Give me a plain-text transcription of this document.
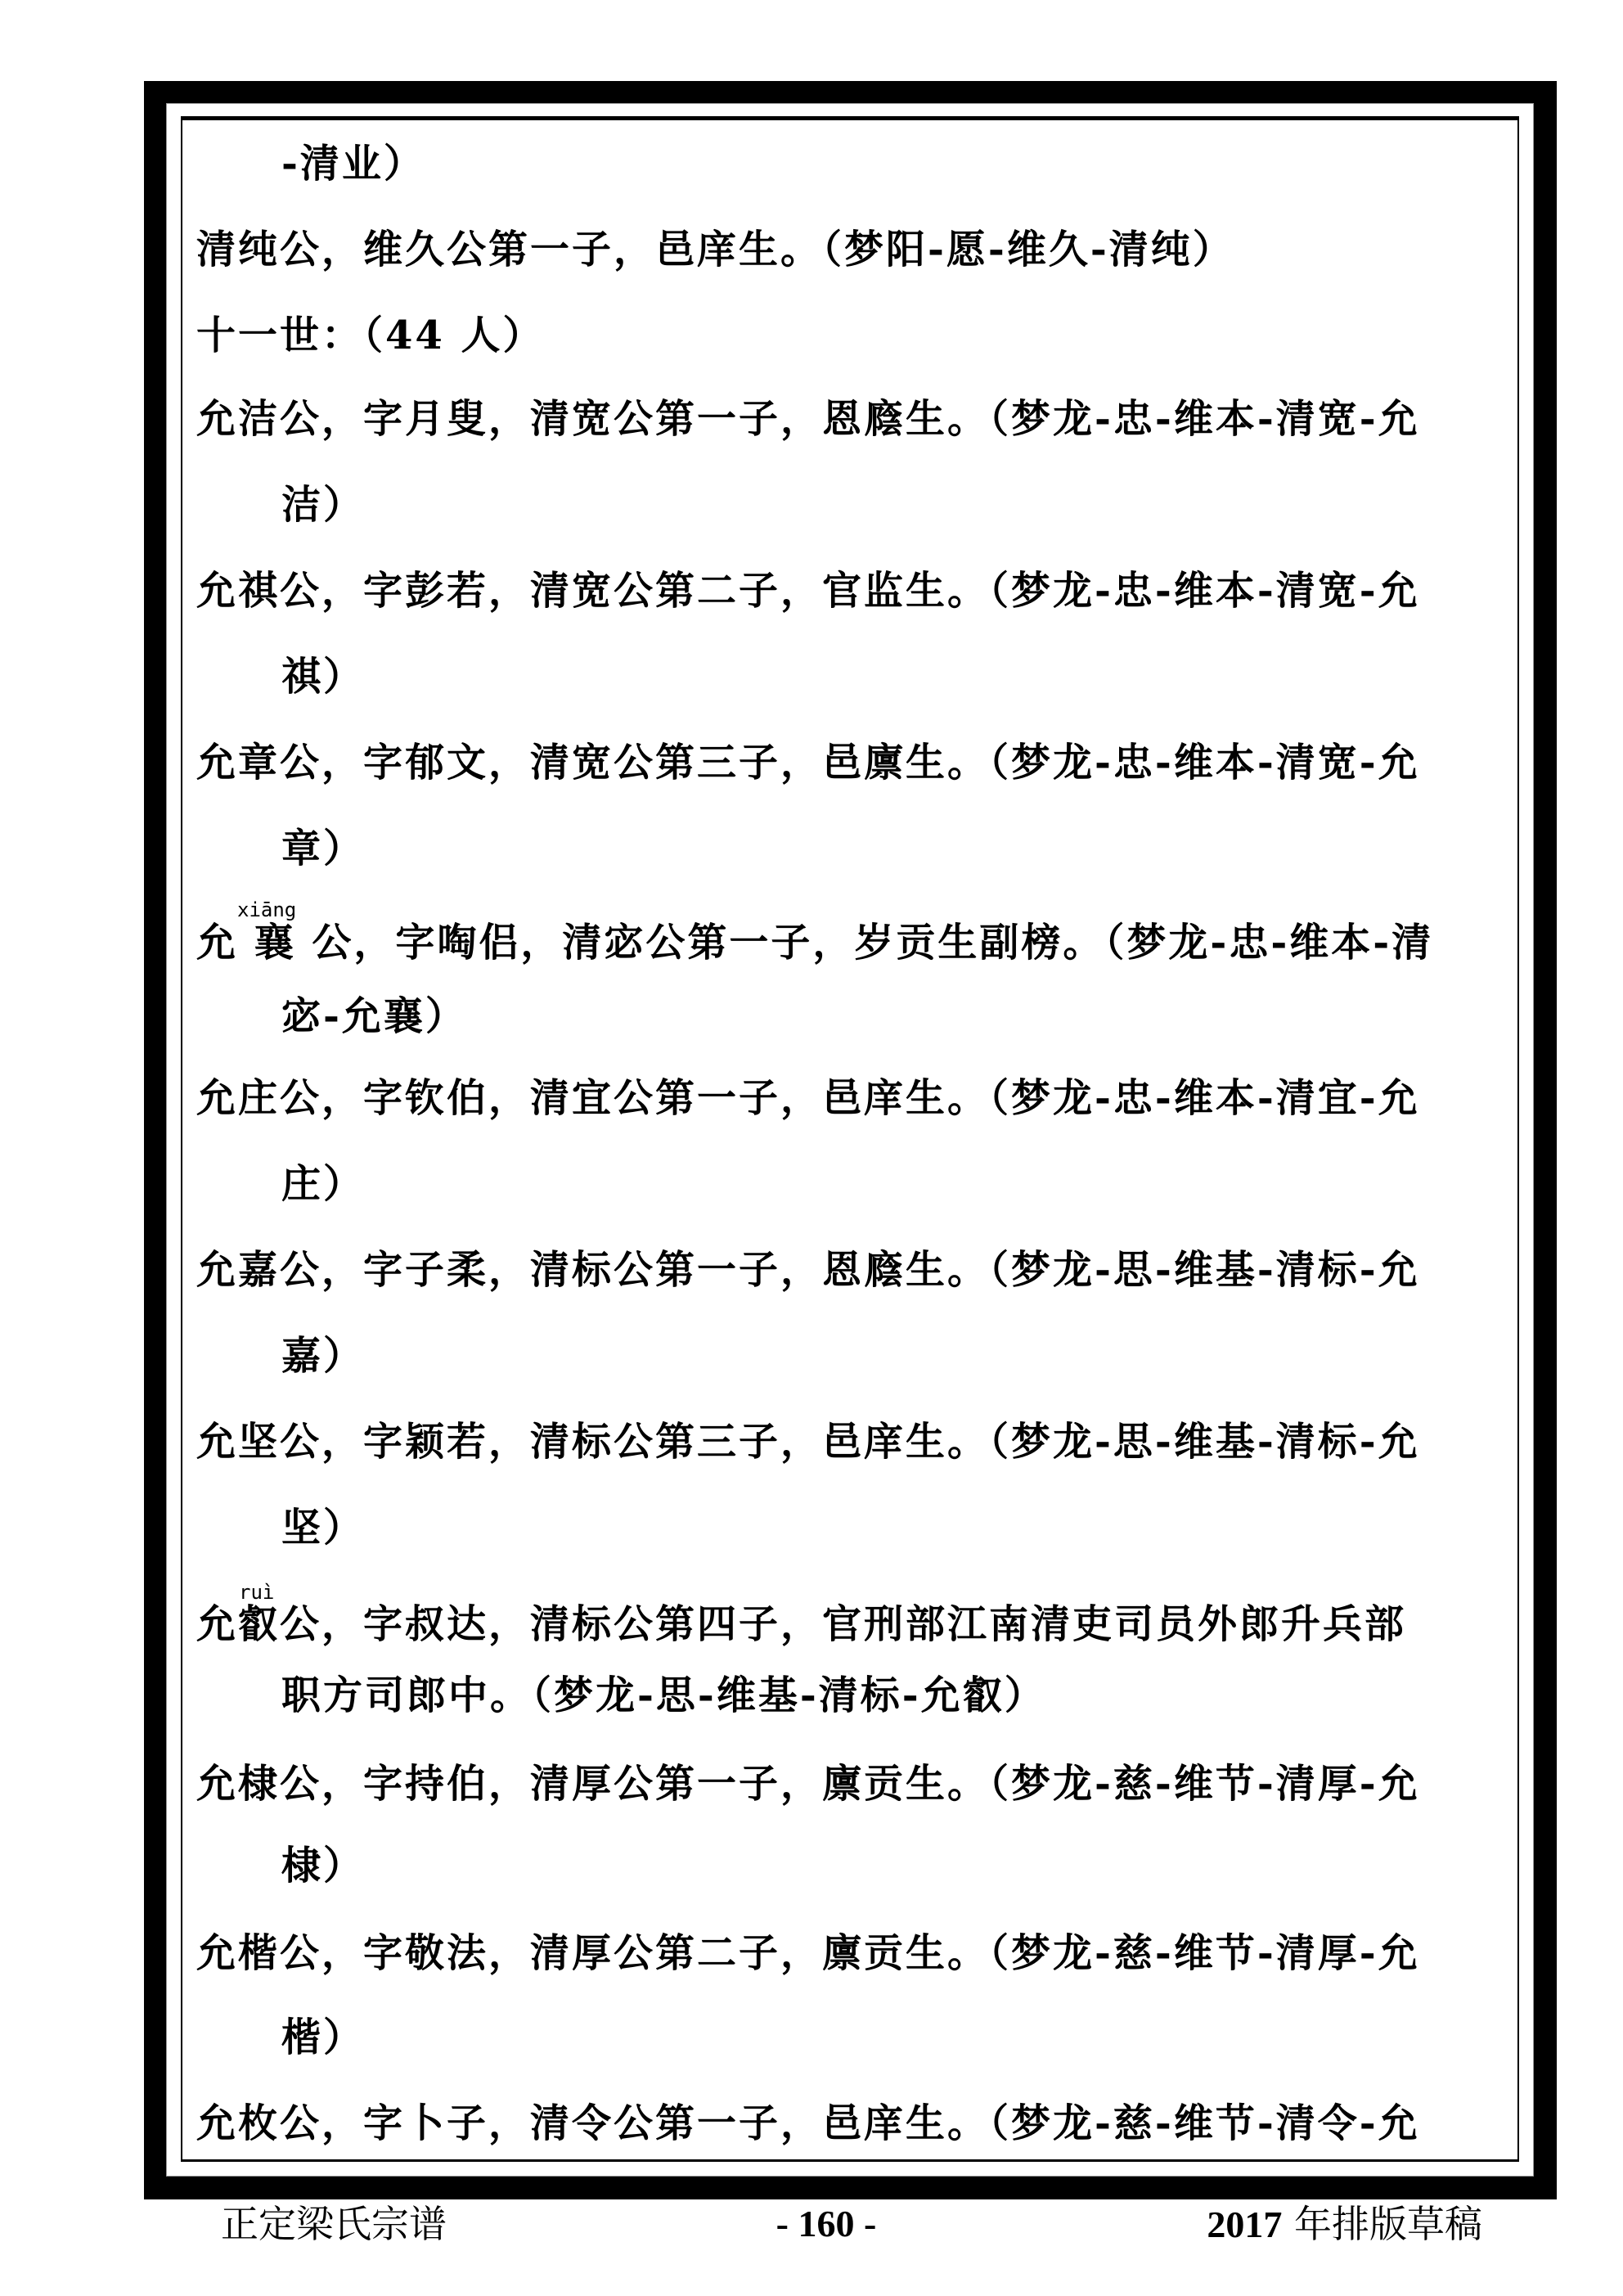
-清业）
清纯公，维久公第一子，邑庠生。（梦阳-愿-维久-清纯）
十一世：（44 人）
允洁公，字月叟，清宽公第一子，恩廕生。（梦龙-忠-维本-清宽-允
洁）
允祺公，字彭若，清宽公第二子，官监生。（梦龙-忠-维本-清宽-允
祺）
允章公，字郁文，清宽公第三子，邑廪生。（梦龙-忠-维本-清宽-允
章）
允 襄 公，字啕侣，清宓公第一子，岁贡生副榜。（梦龙-忠-维本-清
xiāng
宓-允襄）
允庄公，字钦伯，清宜公第一子，邑庠生。（梦龙-忠-维本-清宜-允
庄）
允嘉公，字子柔，清标公第一子，恩廕生。（梦龙-思-维基-清标-允
嘉）
允坚公，字颖若，清标公第三子，邑庠生。（梦龙-思-维基-清标-允
坚）
允叡公，字叔达，清标公第四子，官刑部江南清吏司员外郎升兵部
ruì
职方司郎中。（梦龙-思-维基-清标-允叡）
允棣公，字持伯，清厚公第一子，廪贡生。（梦龙-慈-维节-清厚-允
棣）
允楷公，字敬法，清厚公第二子，廪贡生。（梦龙-慈-维节-清厚-允
楷）
允枚公，字卜子，清令公第一子，邑庠生。（梦龙-慈-维节-清令-允
正定梁氏宗谱	- 160 -	2017 年排版草稿
